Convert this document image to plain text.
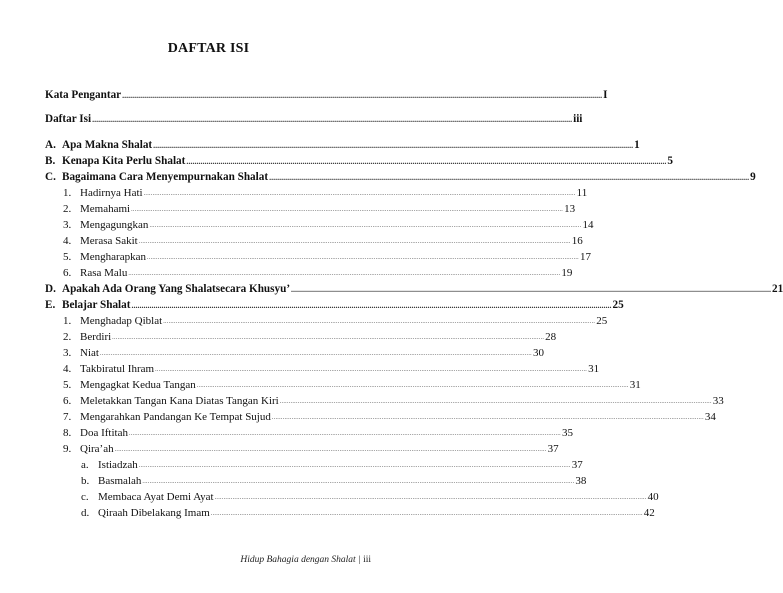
DAFTAR ISI
Kata Pengantar ................................................................................................................................................................................................................................................ I
Daftar Isi ................................................................................................................................................................................................................................................ iii
A. Apa Makna Shalat ................................................................................................................................................................................................................................................ 1
B. Kenapa Kita Perlu Shalat ................................................................................................................................................................................................................................................ 5
C. Bagaimana Cara Menyempurnakan Shalat ................................................................................................................................................................................................................................................ 9
1. Hadirnya Hati ................................................................................................................................................................................................................................................ 11
2. Memahami ................................................................................................................................................................................................................................................ 13
3. Mengagungkan ................................................................................................................................................................................................................................................ 14
4. Merasa Sakit ................................................................................................................................................................................................................................................ 16
5. Mengharapkan ................................................................................................................................................................................................................................................ 17
6. Rasa Malu ................................................................................................................................................................................................................................................ 19
D. Apakah Ada Orang Yang Shalatsecara Khusyu’ ................................................................................................................................................................................................................................................ 21
E. Belajar Shalat ................................................................................................................................................................................................................................................ 25
1. Menghadap Qiblat ................................................................................................................................................................................................................................................ 25
2. Berdiri ................................................................................................................................................................................................................................................ 28
3. Niat ................................................................................................................................................................................................................................................ 30
4. Takbiratul Ihram ................................................................................................................................................................................................................................................ 31
5. Mengagkat Kedua Tangan ................................................................................................................................................................................................................................................ 31
6. Meletakkan Tangan Kana Diatas Tangan Kiri ................................................................................................................................................................................................................................................ 33
7. Mengarahkan Pandangan Ke Tempat Sujud ................................................................................................................................................................................................................................................ 34
8. Doa Iftitah ................................................................................................................................................................................................................................................ 35
9. Qira’ah ................................................................................................................................................................................................................................................ 37
a. Istiadzah ................................................................................................................................................................................................................................................ 37
b. Basmalah ................................................................................................................................................................................................................................................ 38
c. Membaca Ayat Demi Ayat ................................................................................................................................................................................................................................................ 40
d. Qiraah Dibelakang Imam ................................................................................................................................................................................................................................................ 42
Hidup Bahagia dengan Shalat | iii
